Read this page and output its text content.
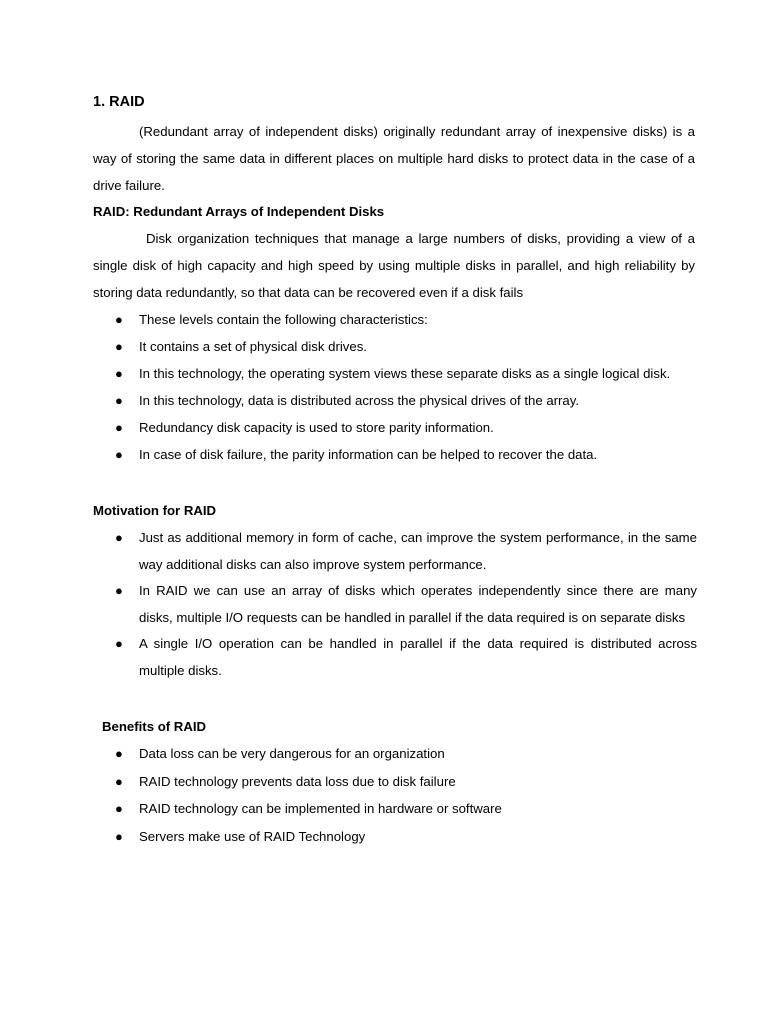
1. RAID

(Redundant array of independent disks) originally redundant array of inexpensive disks) is a way of storing the same data in different places on multiple hard disks to protect data in the case of a drive failure.

RAID: Redundant Arrays of Independent Disks

Disk organization techniques that manage a large numbers of disks, providing a view of a single disk of high capacity and high speed by using multiple disks in parallel, and high reliability by storing data redundantly, so that data can be recovered even if a disk fails

● These levels contain the following characteristics:
● It contains a set of physical disk drives.
● In this technology, the operating system views these separate disks as a single logical disk.
● In this technology, data is distributed across the physical drives of the array.
● Redundancy disk capacity is used to store parity information.
● In case of disk failure, the parity information can be helped to recover the data.

Motivation for RAID

● Just as additional memory in form of cache, can improve the system performance, in the same way additional disks can also improve system performance.
● In RAID we can use an array of disks which operates independently since there are many disks, multiple I/O requests can be handled in parallel if the data required is on separate disks
● A single I/O operation can be handled in parallel if the data required is distributed across multiple disks.

Benefits of RAID

● Data loss can be very dangerous for an organization
● RAID technology prevents data loss due to disk failure
● RAID technology can be implemented in hardware or software
● Servers make use of RAID Technology
